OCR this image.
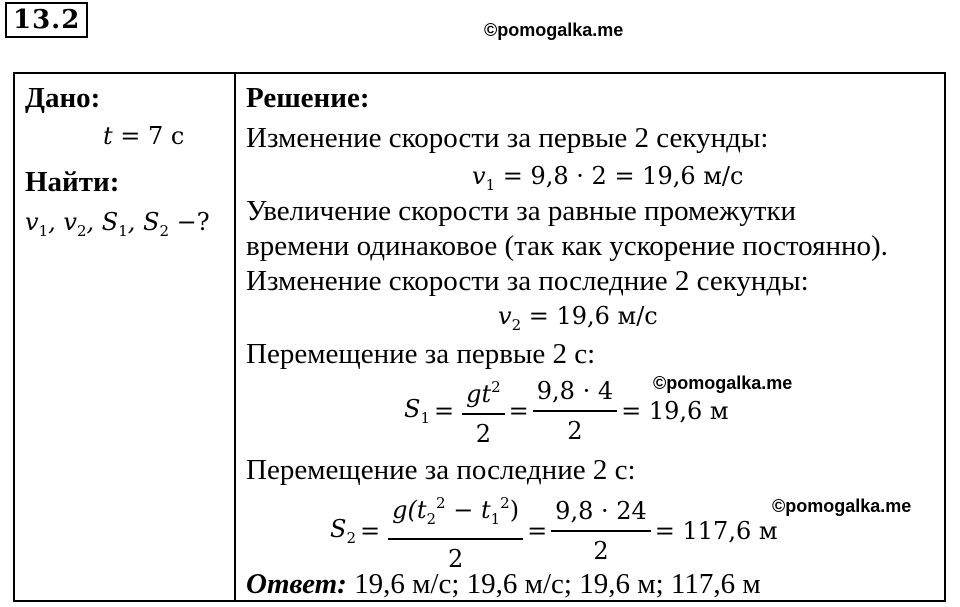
13.2	©pomogalka.me
Дано:
t = 7 с
Найти:
$v_1$, $v_2$, $S_1$, $S_2$ −?
Решение:
Изменение скорости за первые 2 секунды:
$v_1 = 9,8 \cdot 2 = 19,6$ м/с
Увеличение скорости за равные промежутки
времени одинаковое (так как ускорение постоянно).
Изменение скорости за последние 2 секунды:
$v_2 = 19,6$ м/с
Перемещение за первые 2 с:
$S_1 = \frac{gt^2}{2} = \frac{9,8 \cdot 4}{2} = 19,6$ м
Перемещение за последние 2 с:
$S_2 = \frac{g(t_2^2 - t_1^2)}{2} = \frac{9,8 \cdot 24}{2} = 117,6$ м
Ответ: 19,6 м/с; 19,6 м/с; 19,6 м; 117,6 м
©pomogalka.me
©pomogalka.me
